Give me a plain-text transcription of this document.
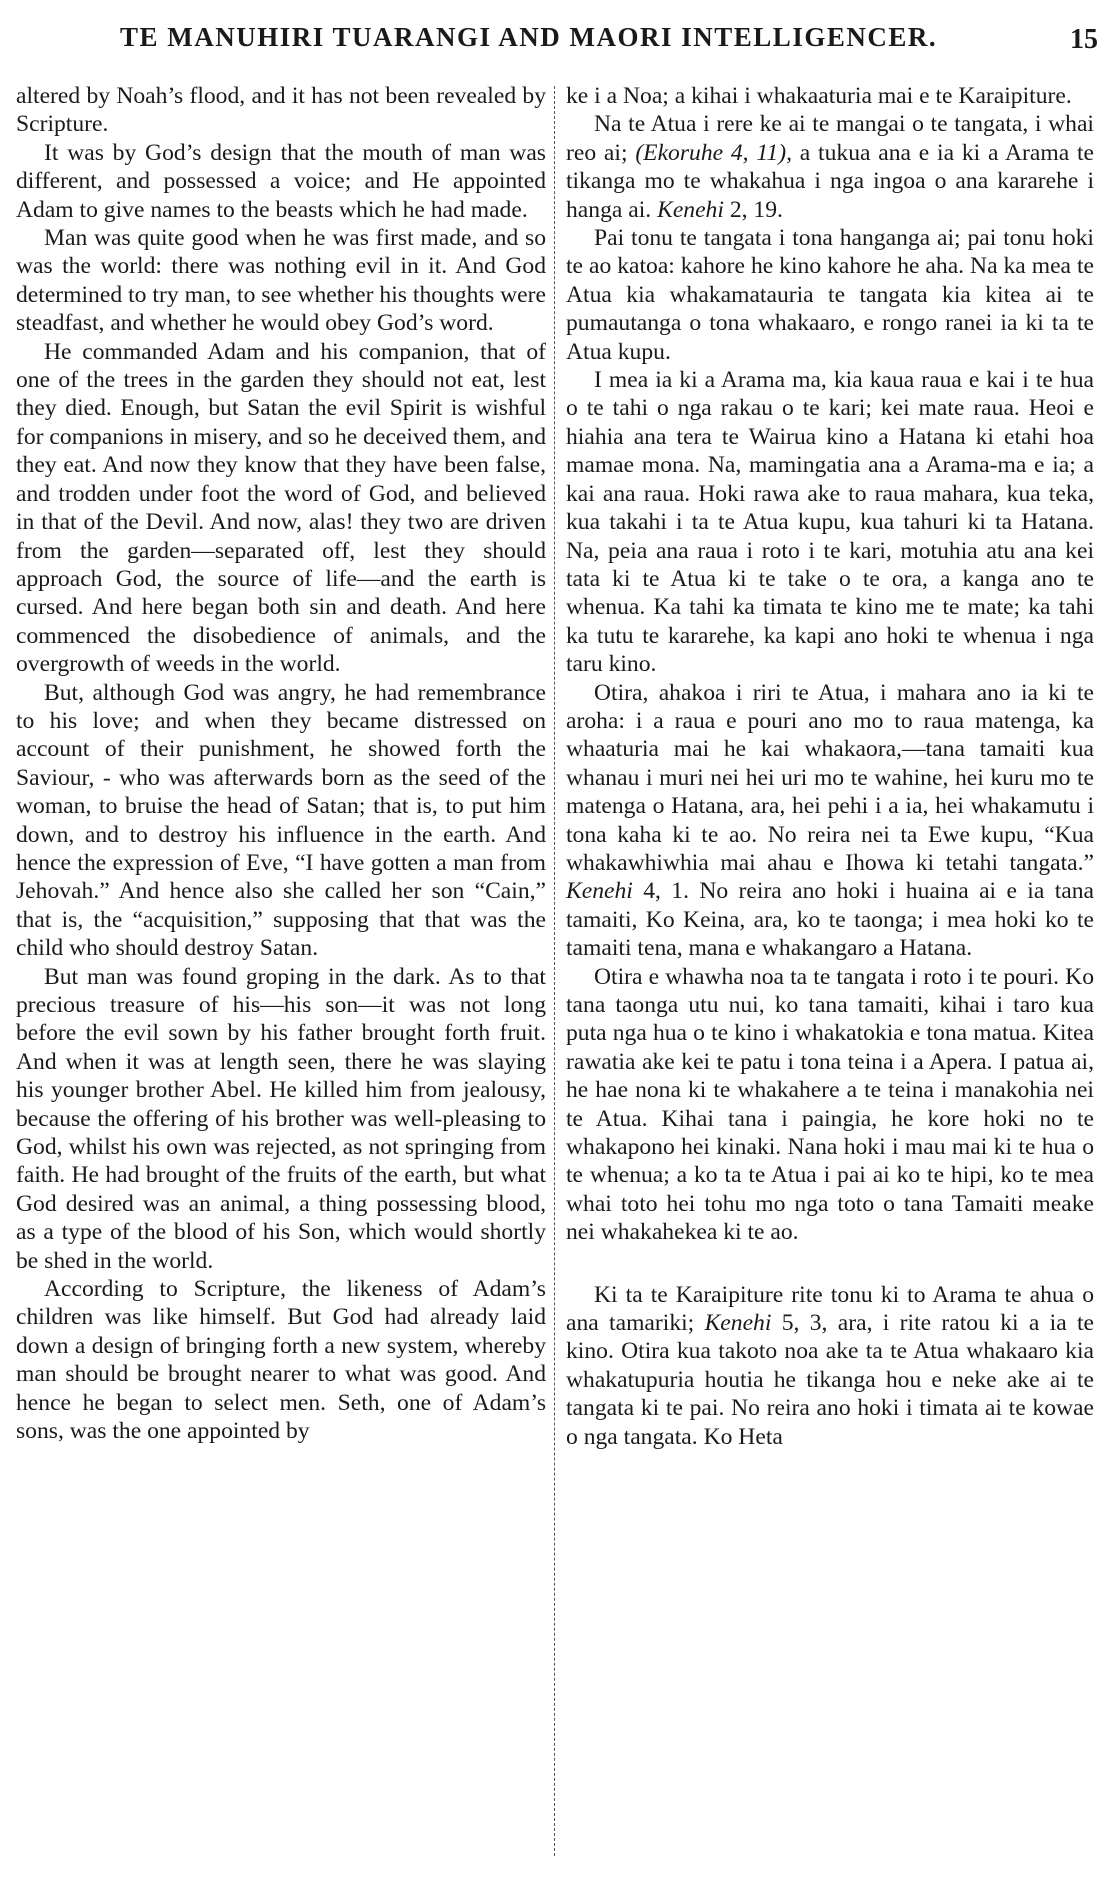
TE MANUHIRI TUARANGI AND MAORI INTELLIGENCER.	15

altered by Noah’s flood, and it has not been revealed by Scripture.

It was by God’s design that the mouth of man was different, and possessed a voice; and He appointed Adam to give names to the beasts which he had made.

Man was quite good when he was first made, and so was the world: there was nothing evil in it. And God determined to try man, to see whether his thoughts were steadfast, and whether he would obey God’s word.

He commanded Adam and his companion, that of one of the trees in the garden they should not eat, lest they died. Enough, but Satan the evil Spirit is wishful for companions in misery, and so he deceived them, and they eat. And now they know that they have been false, and trodden under foot the word of God, and believed in that of the Devil. And now, alas! they two are driven from the garden—separated off, lest they should approach God, the source of life—and the earth is cursed. And here began both sin and death. And here commenced the disobedience of animals, and the overgrowth of weeds in the world.

But, although God was angry, he had remembrance to his love; and when they became distressed on account of their punishment, he showed forth the Saviour, - who was afterwards born as the seed of the woman, to bruise the head of Satan; that is, to put him down, and to destroy his influence in the earth. And hence the expression of Eve, “I have gotten a man from Jehovah.” And hence also she called her son “Cain,” that is, the “acquisition,” supposing that that was the child who should destroy Satan.

But man was found groping in the dark. As to that precious treasure of his—his son—it was not long before the evil sown by his father brought forth fruit. And when it was at length seen, there he was slaying his younger brother Abel. He killed him from jealousy, because the offering of his brother was well-pleasing to God, whilst his own was rejected, as not springing from faith. He had brought of the fruits of the earth, but what God desired was an animal, a thing possessing blood, as a type of the blood of his Son, which would shortly be shed in the world.

According to Scripture, the likeness of Adam’s children was like himself. But God had already laid down a design of bringing forth a new system, whereby man should be brought nearer to what was good. And hence he began to select men. Seth, one of Adam’s sons, was the one appointed by

ke i a Noa; a kihai i whakaaturia mai e te Karaipiture.

Na te Atua i rere ke ai te mangai o te tangata, i whai reo ai; (Ekoruhe 4, 11), a tukua ana e ia ki a Arama te tikanga mo te whakahua i nga ingoa o ana kararehe i hanga ai. Kenehi 2, 19.

Pai tonu te tangata i tona hanganga ai; pai tonu hoki te ao katoa: kahore he kino kahore he aha. Na ka mea te Atua kia whakamatauria te tangata kia kitea ai te pumautanga o tona whakaaro, e rongo ranei ia ki ta te Atua kupu.

I mea ia ki a Arama ma, kia kaua raua e kai i te hua o te tahi o nga rakau o te kari; kei mate raua. Heoi e hiahia ana tera te Wairua kino a Hatana ki etahi hoa mamae mona. Na, mamingatia ana a Arama-ma e ia; a kai ana raua. Hoki rawa ake to raua mahara, kua teka, kua takahi i ta te Atua kupu, kua tahuri ki ta Hatana. Na, peia ana raua i roto i te kari, motuhia atu ana kei tata ki te Atua ki te take o te ora, a kanga ano te whenua. Ka tahi ka timata te kino me te mate; ka tahi ka tutu te kararehe, ka kapi ano hoki te whenua i nga taru kino.

Otira, ahakoa i riri te Atua, i mahara ano ia ki te aroha: i a raua e pouri ano mo to raua matenga, ka whaaturia mai he kai whakaora,—tana tamaiti kua whanau i muri nei hei uri mo te wahine, hei kuru mo te matenga o Hatana, ara, hei pehi i a ia, hei whakamutu i tona kaha ki te ao. No reira nei ta Ewe kupu, “Kua whakawhiwhia mai ahau e Ihowa ki tetahi tangata.” Kenehi 4, 1. No reira ano hoki i huaina ai e ia tana tamaiti, Ko Keina, ara, ko te taonga; i mea hoki ko te tamaiti tena, mana e whakangaro a Hatana.

Otira e whawha noa ta te tangata i roto i te pouri. Ko tana taonga utu nui, ko tana tamaiti, kihai i taro kua puta nga hua o te kino i whakatokia e tona matua. Kitea rawatia ake kei te patu i tona teina i a Apera. I patua ai, he hae nona ki te whakahere a te teina i manakohia nei te Atua. Kihai tana i paingia, he kore hoki no te whakapono hei kinaki. Nana hoki i mau mai ki te hua o te whenua; a ko ta te Atua i pai ai ko te hipi, ko te mea whai toto hei tohu mo nga toto o tana Tamaiti meake nei whakahekea ki te ao.

Ki ta te Karaipiture rite tonu ki to Arama te ahua o ana tamariki; Kenehi 5, 3, ara, i rite ratou ki a ia te kino. Otira kua takoto noa ake ta te Atua whakaaro kia whakatupuria houtia he tikanga hou e neke ake ai te tangata ki te pai. No reira ano hoki i timata ai te kowae o nga tangata. Ko Heta
